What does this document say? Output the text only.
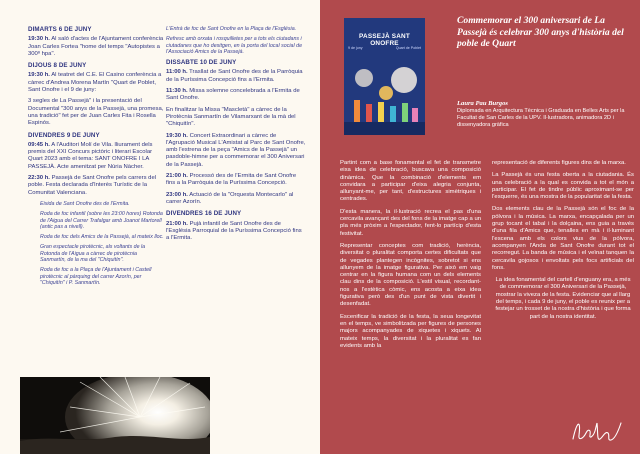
DIMARTS 6 DE JUNY

19:30 h. Al saló d'actes de l'Ajuntament conferència Joan Carles Fortea "home del temps "Autopistes a 300º hpa".

DIJOUS 8 DE JUNY

19:30 h. Al teatret del C.E. El Casino conferència a càrrec d'Andrea Morena Martín "Quart de Poblet, Sant Onofre i el 9 de juny:

3 segles de La Passejà" i la presentació del Documental "300 anys de la Passejà, una promesa, una tradició" fet per de Juan Carles Fita i Rosella Espinós.

DIVENDRES 9 DE JUNY

09:45 h. A l'Auditori Molí de Vila. lliurament dels premis del XXI Concurs pictòric i literari Escolar Quart 2023 amb el tema: SANT ONOFRE I LA PASSEJÀ. Acte amenitzat per Núria Nàcher.

22:30 h. Passejà de Sant Onofre pels carrers del poble. Festa declarada d'Interès Turístic de la Comunitat Valenciana.

Eixida de Sant Onofre des de l'Ermita.

Roda de foc infantil (sobre les 23:00 hores) Rotonda de l'Aigua del Carrer Trafalgar amb Joanot Martorell (antic pas a nivell).

Roda de foc dels Amics de la Passejà, al mateix lloc.

Gran espectacle pirotècnic, als voltants de la Rotonda de l'Aigua a càrrec de pirotècnia Sanmartín, de la ma del "Chiquitín".

Roda de foc a la Plaça de l'Ajuntament i Castell pirotècnic al pàrquing del carrer Azorín, per "Chiquitín" i P. Sanmartín.

L'Entrà de foc de Sant Onofre en la Plaça de l'Església.

Refresc amb orxata i rosquilletes per a tots els ciutadans i ciutadanes que ho desitgen, en la porta del local social de l'Associació Amics de la Passejà.

DISSABTE 10 DE JUNY

11:00 h. Trasllat de Sant Onofre des de la Parròquia de la Puríssima Concepció fins a l'Ermita.

11:30 h. Missa solemne concelebrada a l'Ermita de Sant Onofre.

En finalitzar la Missa "Mascletà" a càrrec de la Pirotècnia Sanmartín de Vilamarxant de la mà del "Chiquitín".

19:30 h. Concert Extraordinari a càrrec de l'Agrupació Musical L'Amistat al Parc de Sant Onofre, amb l'estrena de la peça "Amics de la Passejà" un pasdoble-himne per a commemorar el 300 Aniversari de la Passejà.

21:00 h. Processó des de l'Ermita de Sant Onofre fins a la Parròquia de la Puríssima Concepció.

23:00 h. Actuació de la "Orquesta Montecarlo" al carrer Azorín.

DIVENDRES 16 DE JUNY

21:00 h. Pujà infantil de Sant Onofre des de l'Església Parroquial de la Puríssima Concepció fins a l'Ermita.

PASSEJÀ SANT ONOFRE
9 de juny	Quart de Poblet
Commemorar el 300 aniversari de La Passejà és celebrar 300 anys d'història del poble de Quart
Laura Pau Burgos
Diplomada en Arquitectura Tècnica i Graduada en Belles Arts per la Facultat de San Carles de la UPV. Il·lustradora, animadora 2D i dissenyadora gràfica

Partint com a base fonamental el fet de transmetre eixa idea de celebració, buscava una composició dinàmica. Que la combinació d'elements em convidara a participar d'eixa alegria conjunta, allunyant-me, per tant, d'estructures simètriques i centrades.

D'esta manera, la il·lustració recrea el pas d'una cercavila avançant des del fons de la imatge cap a un pla més pròxim a l'espectador, fent-lo partícip d'esta festivitat.

Representar conceptes com tradició, herència, diversitat o pluralitat comporta certes dificultats que de vegades plantegen incògnites, sobretot si ens allunyem de la imatge figurativa. Per això em vaig centrar en la figura humana com un dels elements clau dins de la composició. L'estil visual, recordant-nos a l'estètica còmic, ens acosta a eixa idea figurativa però des d'un punt de vista divertit i desenfadat.

Escenificar la tradició de la festa, la seua longevitat en el temps, ve simbolitzada per figures de persones majors acompanyades de xiquetes i xiquets. Al mateix temps, la diversitat i la pluralitat es fan evidents amb la

representació de diferents figures dins de la marxa.

La Passejà és una festa oberta a la ciutadania. És una celebració a la qual es convida a tot el món a participar. El fet de tindre públic aproximant-se per l'esquerre, és una mostra de la popularitat de la festa.

Dos elements clau de la Passejà són el foc de la pólvora i la música. La marxa, encapçalada per un grup tocant el tabal i la dolçaina, ens guia a través d'una fila d'Amics que, tenalles en mà i il·luminant l'escena amb els colors vius de la pólvora, acompanyen l'Anda de Sant Onofre durant tot el recorregut. La banda de música i el veïnat tanquen la cercavila gojosos i envoltats pels focs artificials del fons.

La idea fonamental del cartell d'enguany era, a més de commemorar el 300 Aniversari de la Passejà, mostrar la viveza de la festa. Evidenciar que al llarg del temps, i cada 9 de juny, el poble es reunix per a festejar un trosset de la nostra d'història i que forma part de la nostra identitat.
